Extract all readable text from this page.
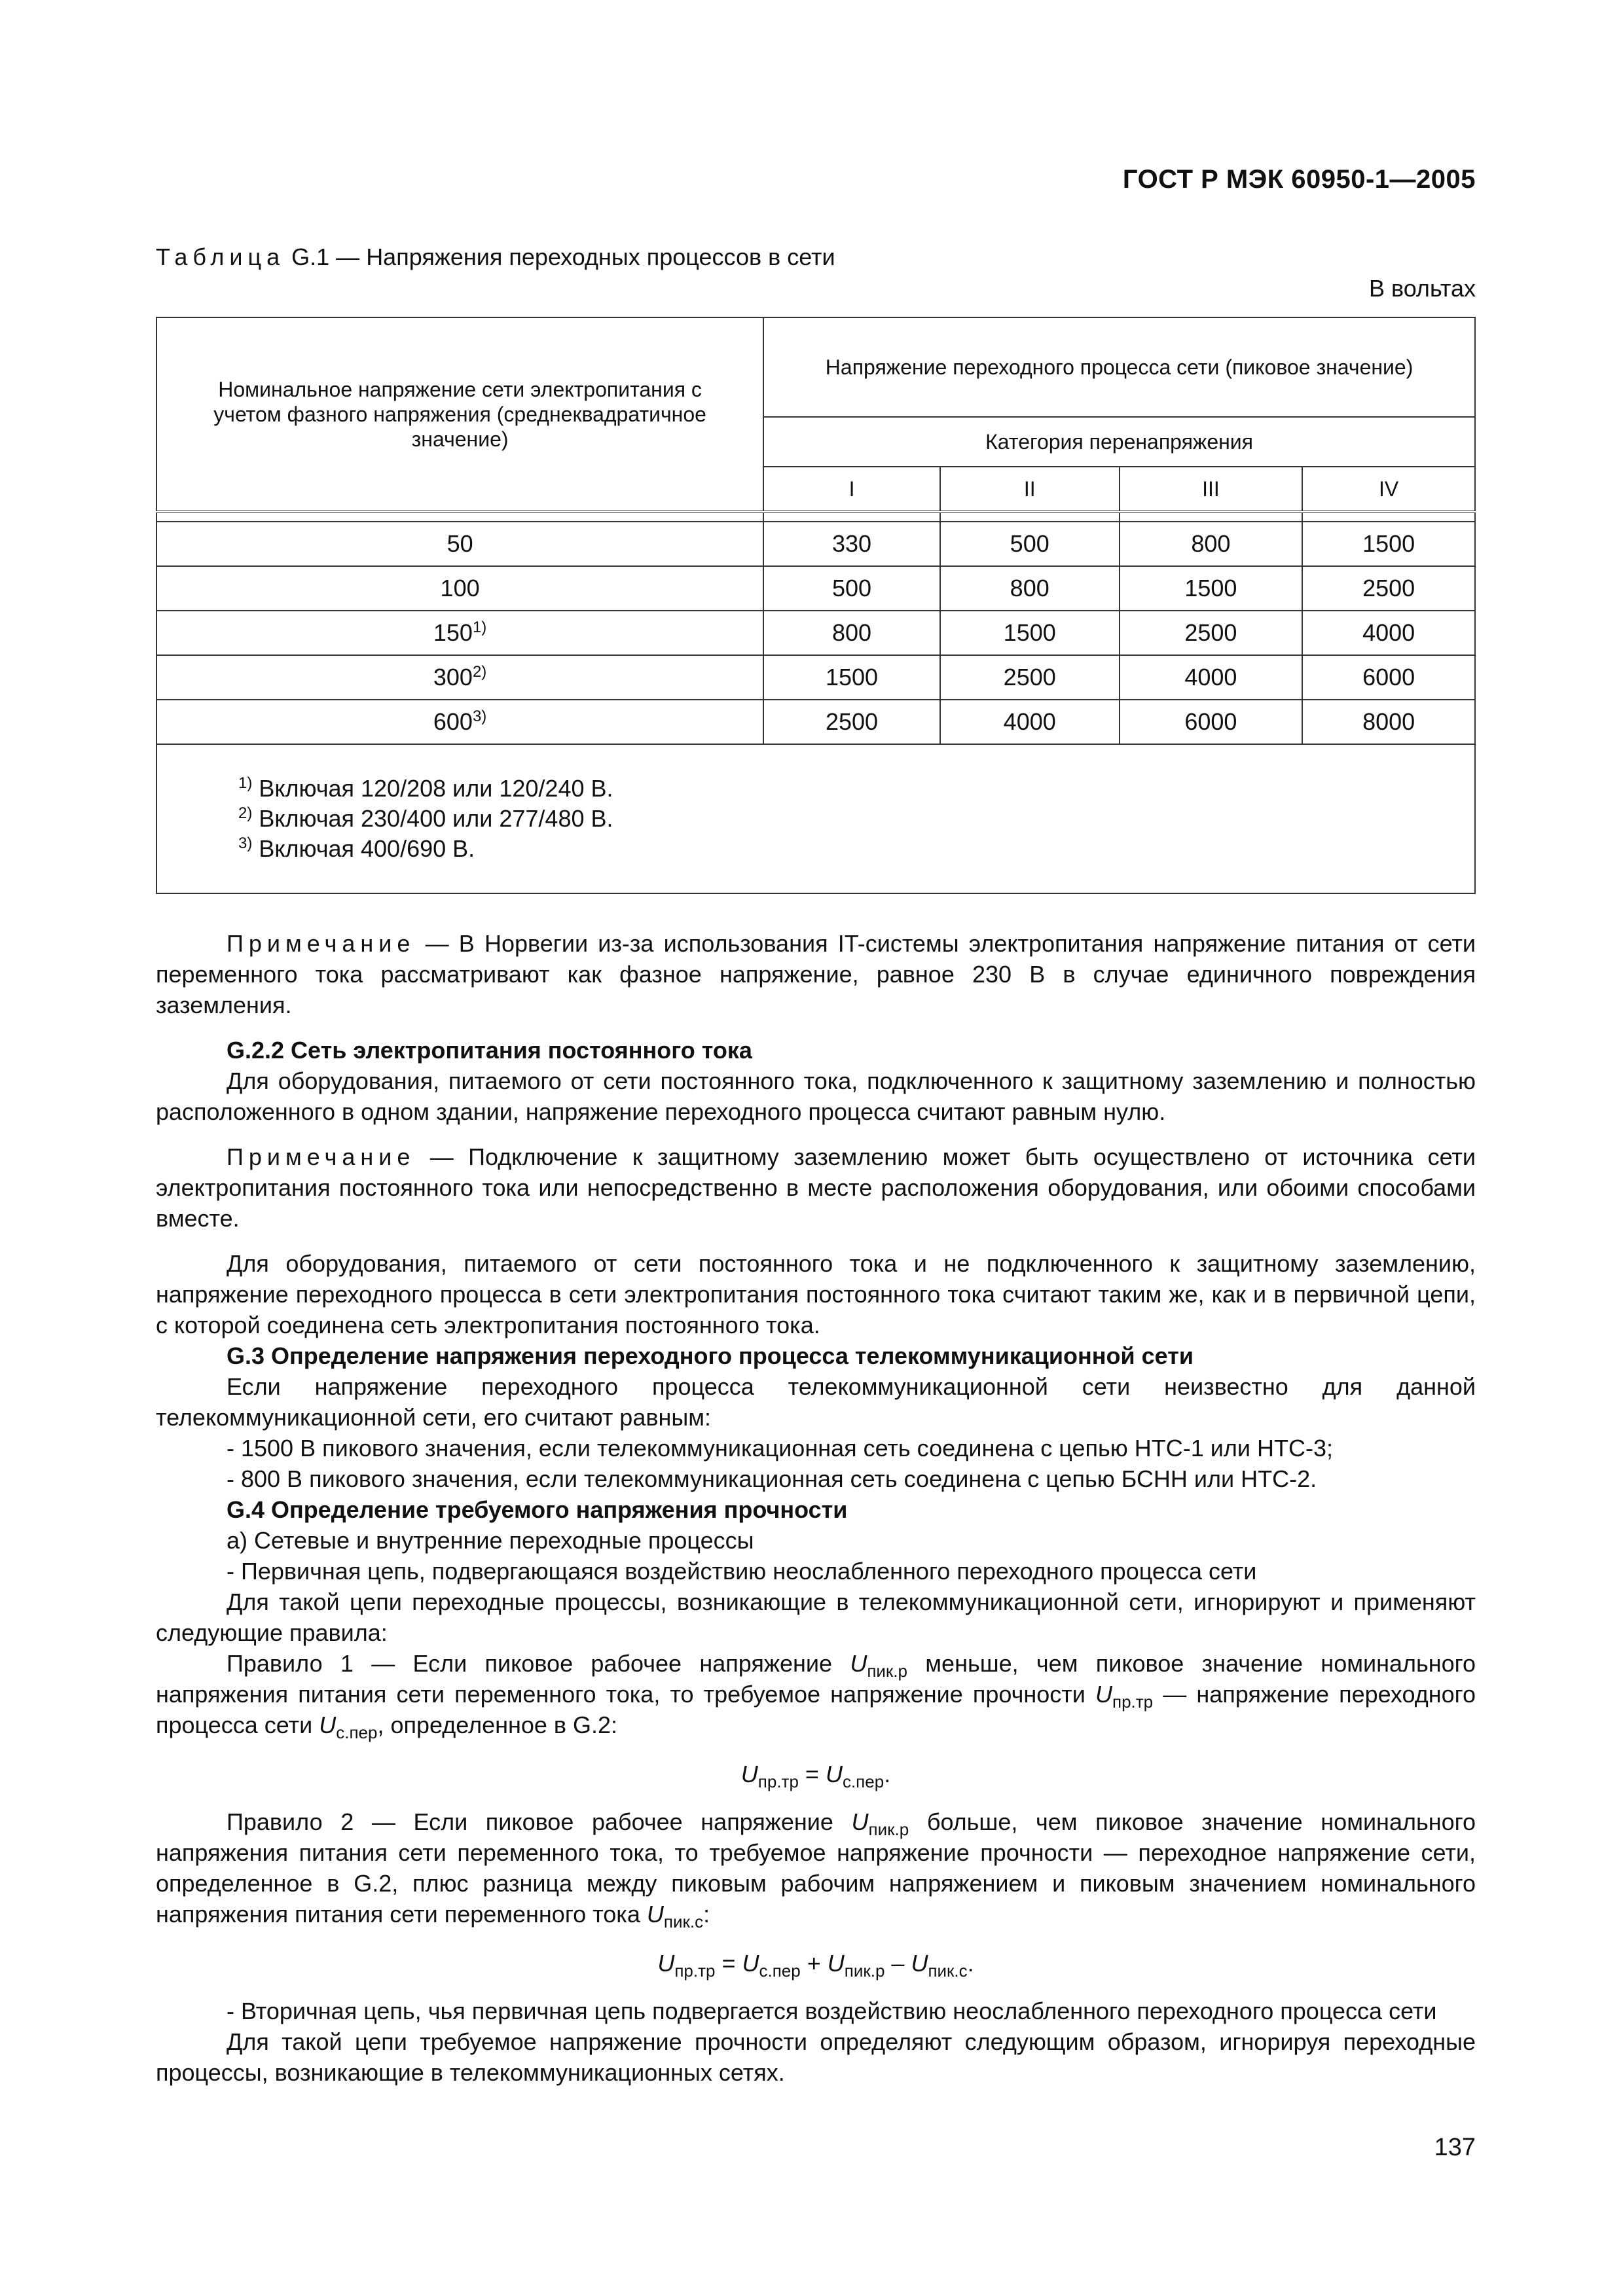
ГОСТ Р МЭК 60950-1—2005
Таблица G.1 — Напряжения переходных процессов в сети
В вольтах
Номинальное напряжение сети электропитания с учетом фазного напряжения (среднеквадратичное значение)	Напряжение переходного процесса сети (пиковое значение)			
	Категория перенапряжения			
	I	II	III	IV

50	330	500	800	1500
100	500	800	1500	2500
150$^{1)}$	800	1500	2500	4000
300$^{2)}$	1500	2500	4000	6000
600$^{3)}$	2500	4000	6000	8000

$^{1)}$ Включая 120/208 или 120/240 В.
$^{2)}$ Включая 230/400 или 277/480 В.
$^{3)}$ Включая 400/690 В.				

Примечание — В Норвегии из-за использования IT-системы электропитания напряжение питания от сети переменного тока рассматривают как фазное напряжение, равное 230 В в случае единичного повреждения заземления.

G.2.2 Сеть электропитания постоянного тока

Для оборудования, питаемого от сети постоянного тока, подключенного к защитному заземлению и полностью расположенного в одном здании, напряжение переходного процесса считают равным нулю.

Примечание — Подключение к защитному заземлению может быть осуществлено от источника сети электропитания постоянного тока или непосредственно в месте расположения оборудования, или обоими способами вместе.

Для оборудования, питаемого от сети постоянного тока и не подключенного к защитному заземлению, напряжение переходного процесса в сети электропитания постоянного тока считают таким же, как и в первичной цепи, с которой соединена сеть электропитания постоянного тока.

G.3 Определение напряжения переходного процесса телекоммуникационной сети

Если напряжение переходного процесса телекоммуникационной сети неизвестно для данной телекоммуникационной сети, его считают равным:

- 1500 В пикового значения, если телекоммуникационная сеть соединена с цепью НТС-1 или НТС-3;

- 800 В пикового значения, если телекоммуникационная сеть соединена с цепью БСНН или НТС-2.

G.4 Определение требуемого напряжения прочности

a) Сетевые и внутренние переходные процессы

- Первичная цепь, подвергающаяся воздействию неослабленного переходного процесса сети

Для такой цепи переходные процессы, возникающие в телекоммуникационной сети, игнорируют и применяют следующие правила:

Правило 1 — Если пиковое рабочее напряжение $U_{пик.р}$ меньше, чем пиковое значение номинального напряжения питания сети переменного тока, то требуемое напряжение прочности $U_{пр.тр}$ — напряжение переходного процесса сети $U_{с.пер}$, определенное в G.2:

$U_{пр.тр} = U_{с.пер}$.

Правило 2 — Если пиковое рабочее напряжение $U_{пик.р}$ больше, чем пиковое значение номинального напряжения питания сети переменного тока, то требуемое напряжение прочности — переходное напряжение сети, определенное в G.2, плюс разница между пиковым рабочим напряжением и пиковым значением номинального напряжения питания сети переменного тока $U_{пик.с}$:

$U_{пр.тр} = U_{с.пер} + U_{пик.р} - U_{пик.с}$.

- Вторичная цепь, чья первичная цепь подвергается воздействию неослабленного переходного процесса сети

Для такой цепи требуемое напряжение прочности определяют следующим образом, игнорируя переходные процессы, возникающие в телекоммуникационных сетях.

137
